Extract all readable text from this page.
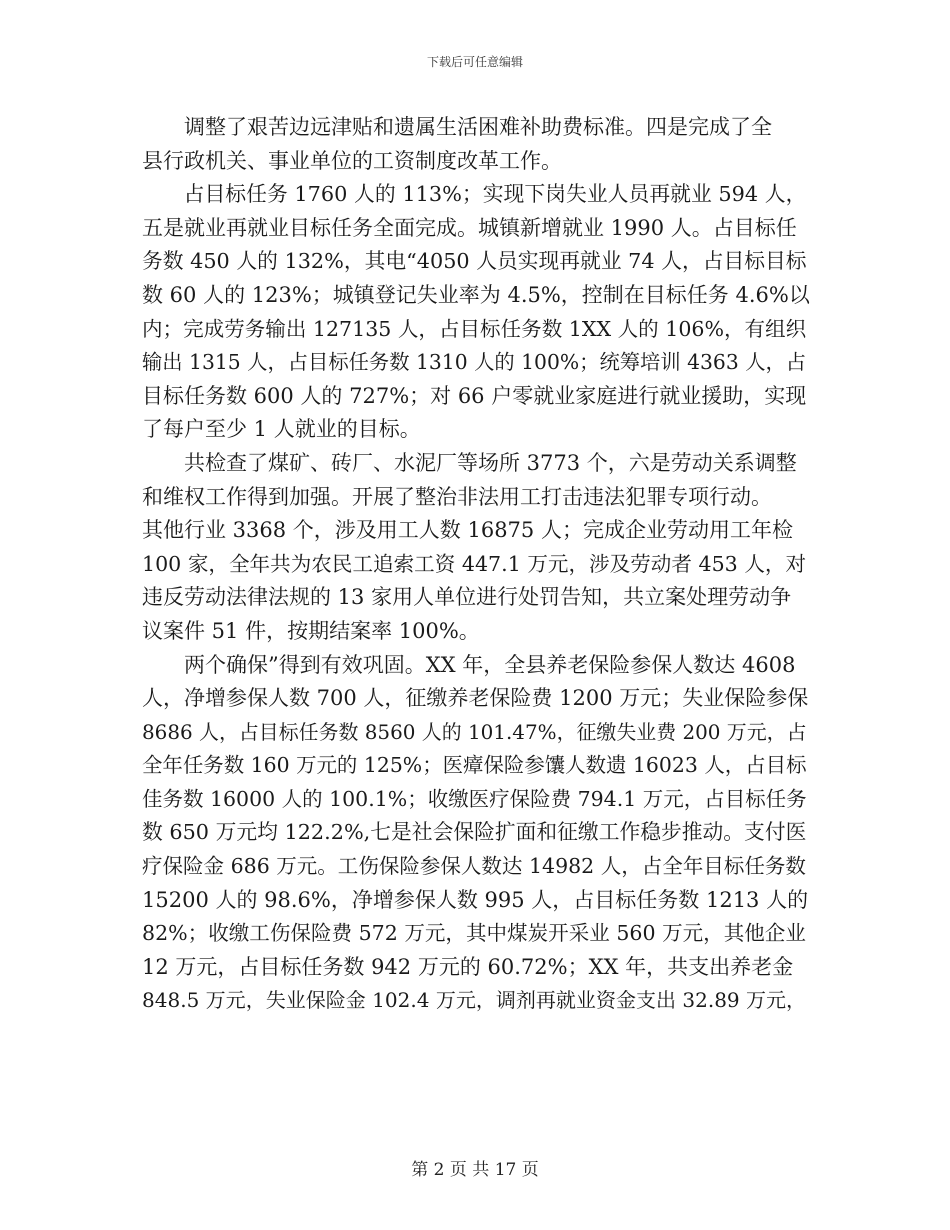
下载后可任意编辑
调整了艰苦边远津贴和遗属生活困难补助费标准。四是完成了全
县行政机关、事业单位的工资制度改革工作。
占目标任务 1760 人的 113%；实现下岗失业人员再就业 594 人，
五是就业再就业目标任务全面完成。城镇新增就业 1990 人。占目标任
务数 450 人的 132%，其电“4050 人员实现再就业 74 人，占目标目标
数 60 人的 123%；城镇登记失业率为 4.5%，控制在目标任务 4.6%以
内；完成劳务输出 127135 人，占目标任务数 1XX 人的 106%，有组织
输出 1315 人，占目标任务数 1310 人的 100%；统筹培训 4363 人，占
目标任务数 600 人的 727%；对 66 户零就业家庭进行就业援助，实现
了每户至少 1 人就业的目标。
共检查了煤矿、砖厂、水泥厂等场所 3773 个，六是劳动关系调整
和维权工作得到加强。开展了整治非法用工打击违法犯罪专项行动。
其他行业 3368 个，涉及用工人数 16875 人；完成企业劳动用工年检
100 家，全年共为农民工追索工资 447.1 万元，涉及劳动者 453 人，对
违反劳动法律法规的 13 家用人单位进行处罚告知，共立案处理劳动争
议案件 51 件，按期结案率 100%。
两个确保”得到有效巩固。XX 年，全县养老保险参保人数达 4608
人，净增参保人数 700 人，征缴养老保险费 1200 万元；失业保险参保
8686 人，占目标任务数 8560 人的 101.47%，征缴失业费 200 万元，占
全年任务数 160 万元的 125%；医瘴保险参馕人数遗 16023 人，占目标
佳务数 16000 人的 100.1%；收缴医疗保险费 794.1 万元，占目标任务
数 650 万元均 122.2%,七是社会保险扩面和征缴工作稳步推动。支付医
疗保险金 686 万元。工伤保险参保人数达 14982 人，占全年目标任务数
15200 人的 98.6%，净增参保人数 995 人，占目标任务数 1213 人的
82%；收缴工伤保险费 572 万元，其中煤炭开采业 560 万元，其他企业
12 万元，占目标任务数 942 万元的 60.72%；XX 年，共支出养老金
848.5 万元，失业保险金 102.4 万元，调剂再就业资金支出 32.89 万元，
第 2 页 共 17 页
